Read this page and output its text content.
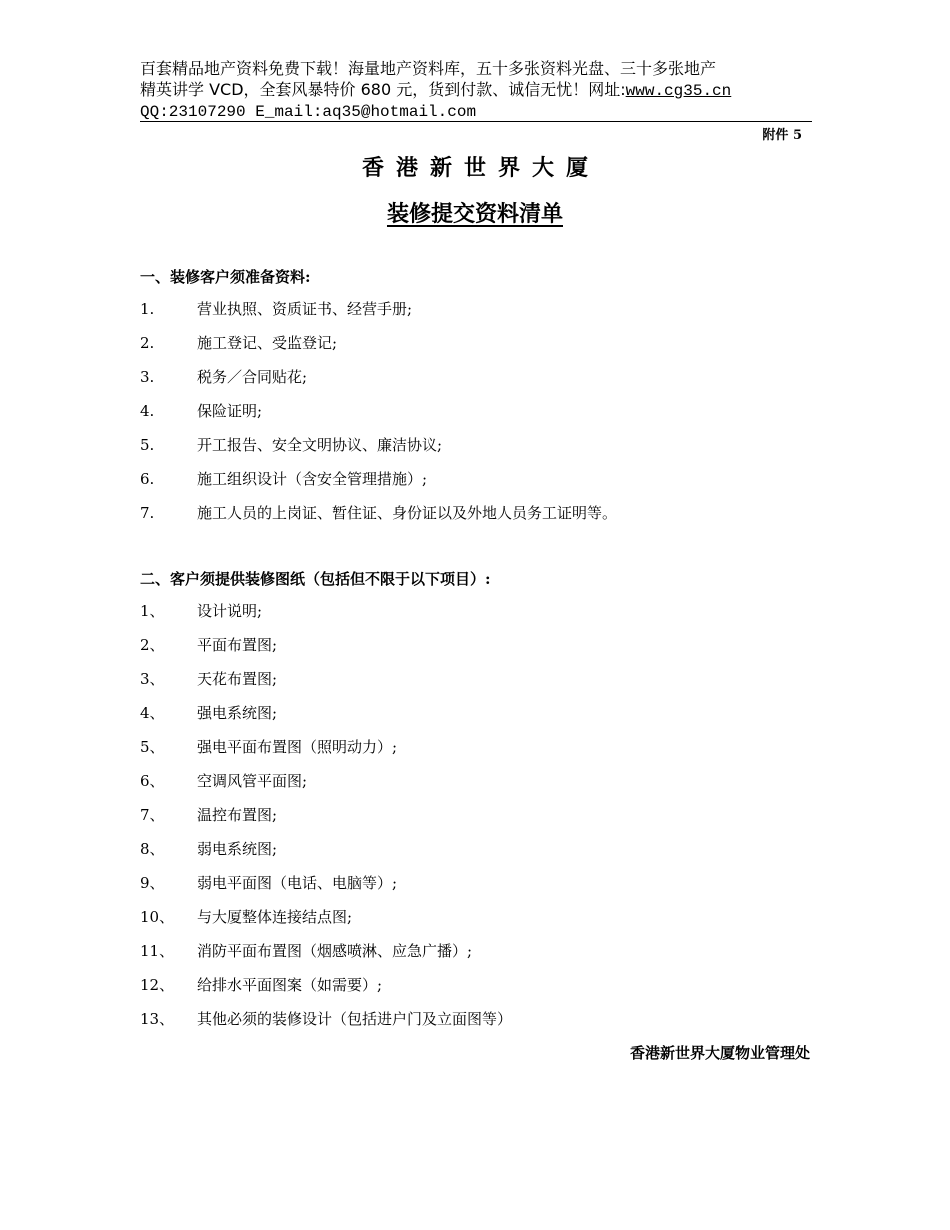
百套精品地产资料免费下载！海量地产资料库，五十多张资料光盘、三十多张地产
精英讲学 VCD，全套风暴特价 680 元，货到付款、诚信无忧！网址:www.cg35.cn
QQ:23107290 E_mail:aq35@hotmail.com
附件 5
香港新世界大厦
装修提交资料清单
一、装修客户须准备资料:
1.	营业执照、资质证书、经营手册;
2.	施工登记、受监登记;
3.	税务／合同贴花;
4.	保险证明;
5.	开工报告、安全文明协议、廉洁协议;
6.	施工组织设计（含安全管理措施）;
7.	施工人员的上岗证、暂住证、身份证以及外地人员务工证明等。
二、客户须提供装修图纸（包括但不限于以下项目）:
1、	设计说明;
2、	平面布置图;
3、	天花布置图;
4、	强电系统图;
5、	强电平面布置图（照明动力）;
6、	空调风管平面图;
7、	温控布置图;
8、	弱电系统图;
9、	弱电平面图（电话、电脑等）;
10、	与大厦整体连接结点图;
11、	消防平面布置图（烟感喷淋、应急广播）;
12、	给排水平面图案（如需要）;
13、	其他必须的装修设计（包括进户门及立面图等）
香港新世界大厦物业管理处
